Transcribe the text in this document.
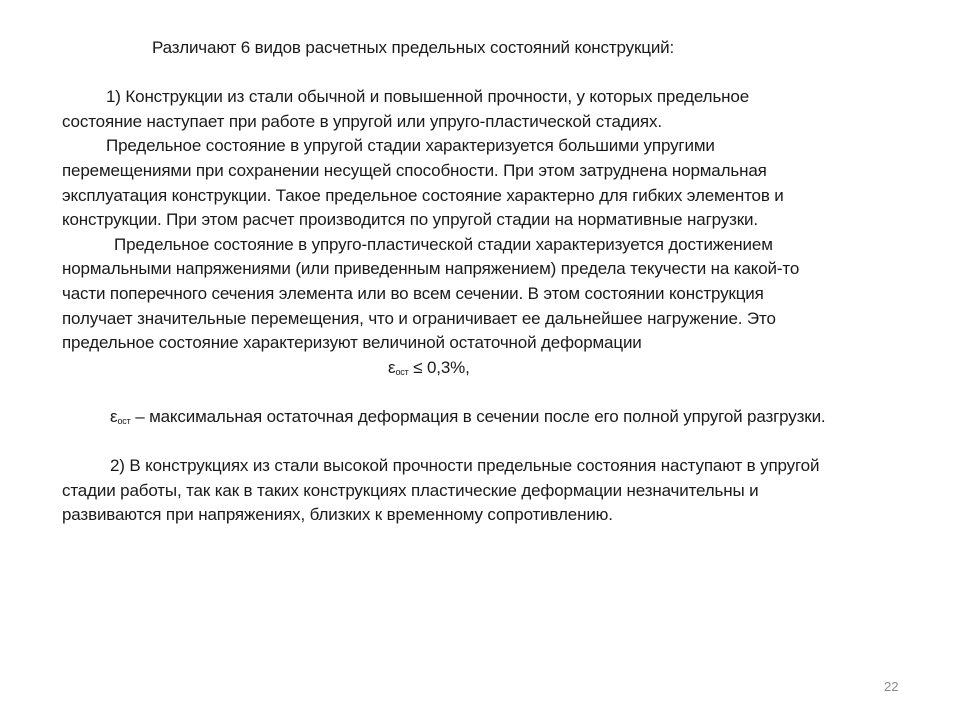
Различают 6 видов расчетных предельных состояний конструкций:
1) Конструкции из стали обычной и повышенной прочности, у которых предельное
состояние наступает при работе в упругой или упруго-пластической стадиях.
Предельное состояние в упругой стадии характеризуется большими упругими
перемещениями при сохранении несущей способности. При этом затруднена нормальная
эксплуатация конструкции. Такое предельное состояние характерно для гибких элементов и
конструкции. При этом расчет производится по упругой стадии на нормативные нагрузки.
Предельное состояние в упруго-пластической стадии характеризуется достижением
нормальными напряжениями (или приведенным напряжением) предела текучести на какой-то
части поперечного сечения элемента или во всем сечении. В этом состоянии конструкция
получает значительные перемещения, что и ограничивает ее дальнейшее нагружение. Это
предельное состояние характеризуют величиной остаточной деформации
$\varepsilon_{ост} \le 0,3\%$,
$\varepsilon_{ост}$ – максимальная остаточная деформация в сечении после его полной упругой разгрузки.
2) В конструкциях из стали высокой прочности предельные состояния наступают в упругой
стадии работы, так как в таких конструкциях пластические деформации незначительны и
развиваются при напряжениях, близких к временному сопротивлению.
22
